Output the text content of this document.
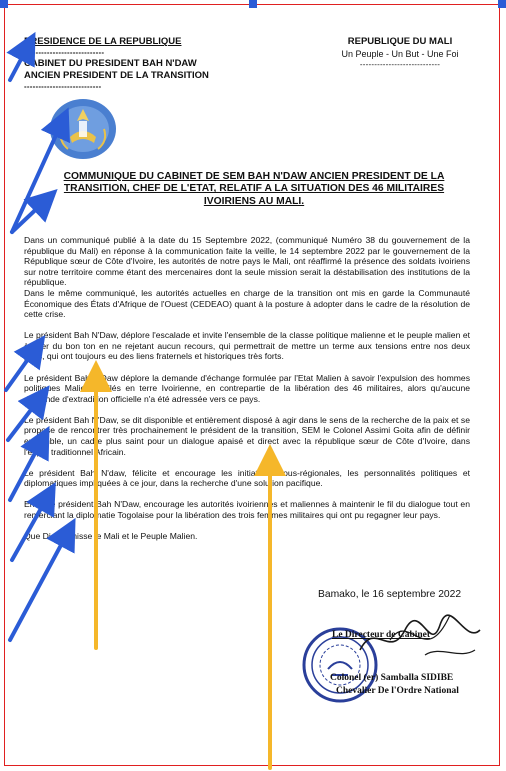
PRESIDENCE DE LA REPUBLIQUE
----------------------------
CABINET DU PRESIDENT BAH N'DAW
ANCIEN PRESIDENT DE LA TRANSITION
---------------------------
REPUBLIQUE DU MALI
Un Peuple - Un But - Une Foi
----------------------------
COMMUNIQUE DU CABINET DE SEM BAH N'DAW ANCIEN PRESIDENT DE LA TRANSITION, CHEF DE L'ETAT, RELATIF A LA SITUATION DES 46 MILITAIRES IVOIRIENS AU MALI.

Dans un communiqué publié à la date du 15 Septembre 2022, (communiqué Numéro 38 du gouvernement de la république du Mali) en réponse à la communication faite la veille, le 14 septembre 2022 par le gouvernement de la République sœur de Côte d'Ivoire, les autorités de notre pays le Mali, ont réaffirmé la présence des soldats ivoiriens sur notre territoire comme étant des mercenaires dont la seule mission serait la déstabilisation des institutions de la république.

Dans le même communiqué, les autorités actuelles en charge de la transition ont mis en garde la Communauté Économique des États d'Afrique de l'Ouest (CEDEAO) quant à la posture à adopter dans le cadre de la résolution de cette crise.

Le président Bah N'Daw, déplore l'escalade et invite l'ensemble de la classe politique malienne et le peuple malien et à user du bon ton en ne rejetant aucun recours, qui permettrait de mettre un terme aux tensions entre nos deux pays, qui ont toujours eu des liens fraternels et historiques très forts.

Le président Bah N'Daw déplore la demande d'échange formulée par l'Etat Malien à savoir l'expulsion des hommes politiques Maliens exilés en terre Ivoirienne, en contrepartie de la libération des 46 militaires, alors qu'aucune demande d'extradition officielle n'a été adressée vers ce pays.

Le président Bah N'Daw, se dit disponible et entièrement disposé à agir dans le sens de la recherche de la paix et se propose de rencontrer très prochainement le président de la transition, SEM le Colonel Assimi Goita afin de définir ensemble, un cadre plus saint pour un dialogue apaisé et direct avec la république sœur de Côte d'Ivoire, dans l'esprit traditionnel Africain.

Le président Bah N'daw, félicite et encourage les initiatives sous-régionales, les personnalités politiques et diplomatiques impliquées à ce jour, dans la recherche d'une solution pacifique.

Enfin, le président Bah N'Daw, encourage les autorités ivoiriennes et maliennes à maintenir le fil du dialogue tout en remerciant la diplomatie Togolaise pour la libération des trois femmes militaires qui ont pu regagner leur pays.

Que Dieu bénisse le Mali et le Peuple Malien.

Bamako, le 16 septembre 2022
Le Directeur de Cabinet
Colonel (er) Samballa SIDIBE
Chevalier De l'Ordre National
